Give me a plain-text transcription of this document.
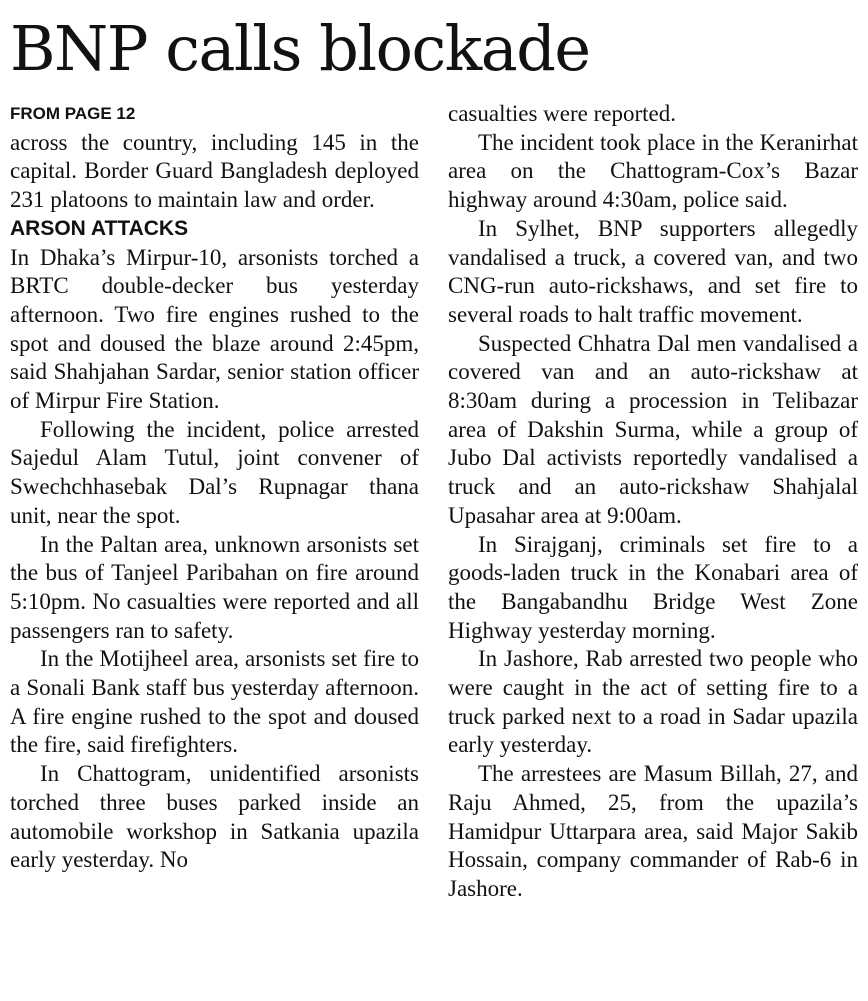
BNP calls blockade
FROM PAGE 12

across the country, including 145 in the capital. Border Guard Bangladesh deployed 231 platoons to maintain law and order.

ARSON ATTACKS

In Dhaka’s Mirpur-10, arsonists torched a BRTC double-decker bus yesterday afternoon. Two fire engines rushed to the spot and doused the blaze around 2:45pm, said Shahjahan Sardar, senior station officer of Mirpur Fire Station.

Following the incident, police arrested Sajedul Alam Tutul, joint convener of Swechchhasebak Dal’s Rupnagar thana unit, near the spot.

In the Paltan area, unknown arsonists set the bus of Tanjeel Paribahan on fire around 5:10pm. No casualties were reported and all passengers ran to safety.

In the Motijheel area, arsonists set fire to a Sonali Bank staff bus yesterday afternoon. A fire engine rushed to the spot and doused the fire, said firefighters.

In Chattogram, unidentified arsonists torched three buses parked inside an automobile workshop in Satkania upazila early yesterday. No

casualties were reported.

The incident took place in the Keranirhat area on the Chattogram-Cox’s Bazar highway around 4:30am, police said.

In Sylhet, BNP supporters allegedly vandalised a truck, a covered van, and two CNG-run auto-rickshaws, and set fire to several roads to halt traffic movement.

Suspected Chhatra Dal men vandalised a covered van and an auto-rickshaw at 8:30am during a procession in Telibazar area of Dakshin Surma, while a group of Jubo Dal activists reportedly vandalised a truck and an auto-rickshaw Shahjalal Upasahar area at 9:00am.

In Sirajganj, criminals set fire to a goods-laden truck in the Konabari area of the Bangabandhu Bridge West Zone Highway yesterday morning.

In Jashore, Rab arrested two people who were caught in the act of setting fire to a truck parked next to a road in Sadar upazila early yesterday.

The arrestees are Masum Billah, 27, and Raju Ahmed, 25, from the upazila’s Hamidpur Uttarpara area, said Major Sakib Hossain, company commander of Rab-6 in Jashore.
